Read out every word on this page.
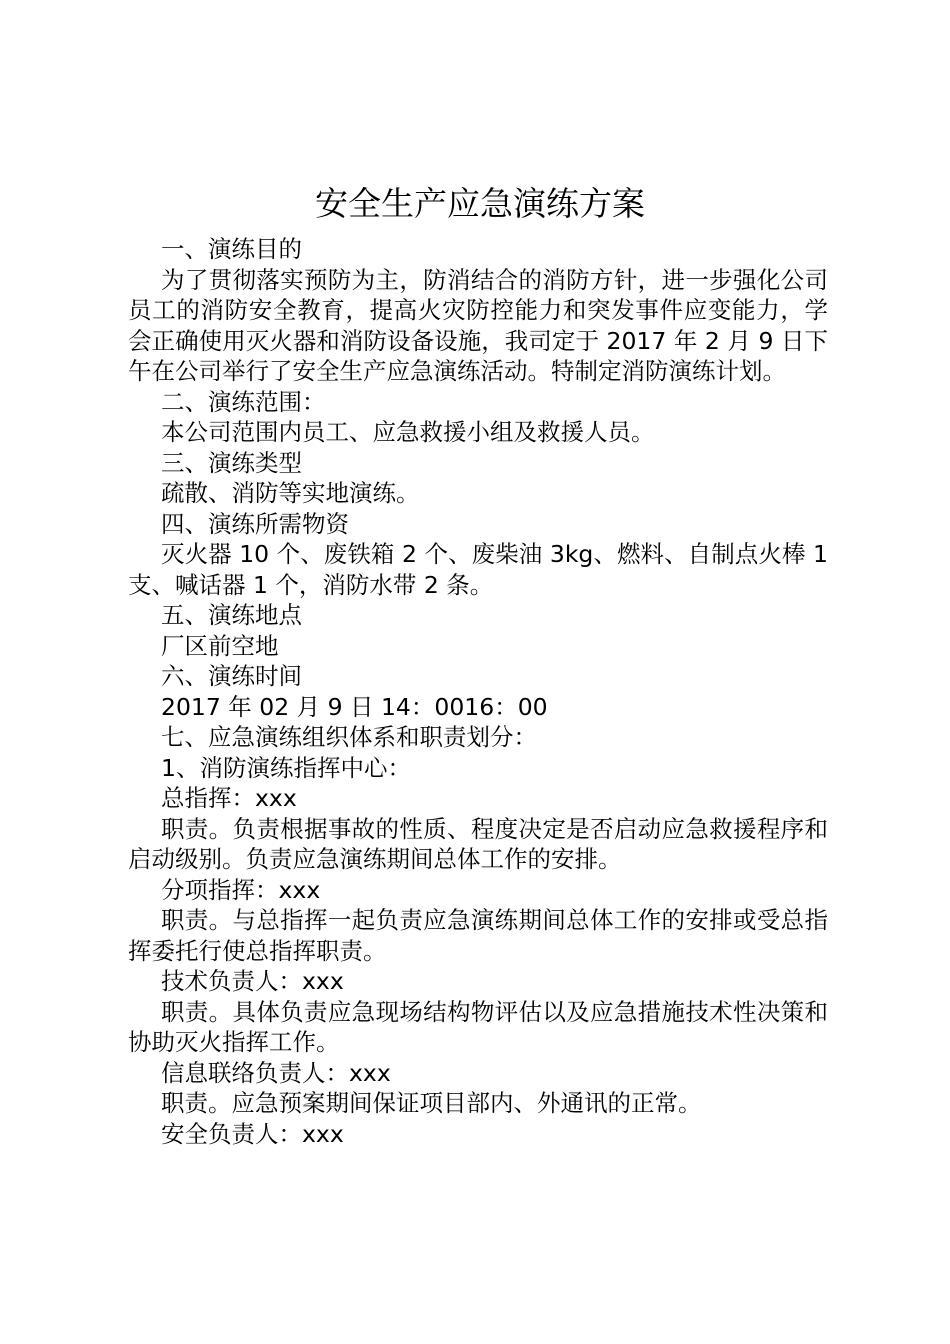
安全生产应急演练方案

一、演练目的

为了贯彻落实预防为主，防消结合的消防方针，进一步强化公司员工的消防安全教育，提高火灾防控能力和突发事件应变能力，学会正确使用灭火器和消防设备设施，我司定于 2017 年 2 月 9 日下午在公司举行了安全生产应急演练活动。特制定消防演练计划。

二、演练范围：

本公司范围内员工、应急救援小组及救援人员。

三、演练类型

疏散、消防等实地演练。

四、演练所需物资

灭火器 10 个、废铁箱 2 个、废柴油 3kg、燃料、自制点火棒 1 支、喊话器 1 个，消防水带 2 条。

五、演练地点

厂区前空地

六、演练时间

2017 年 02 月 9 日 14：0016：00

七、应急演练组织体系和职责划分：

1、消防演练指挥中心：

总指挥：xxx

职责。负责根据事故的性质、程度决定是否启动应急救援程序和启动级别。负责应急演练期间总体工作的安排。

分项指挥：xxx

职责。与总指挥一起负责应急演练期间总体工作的安排或受总指挥委托行使总指挥职责。

技术负责人：xxx

职责。具体负责应急现场结构物评估以及应急措施技术性决策和协助灭火指挥工作。

信息联络负责人：xxx

职责。应急预案期间保证项目部内、外通讯的正常。

安全负责人：xxx
